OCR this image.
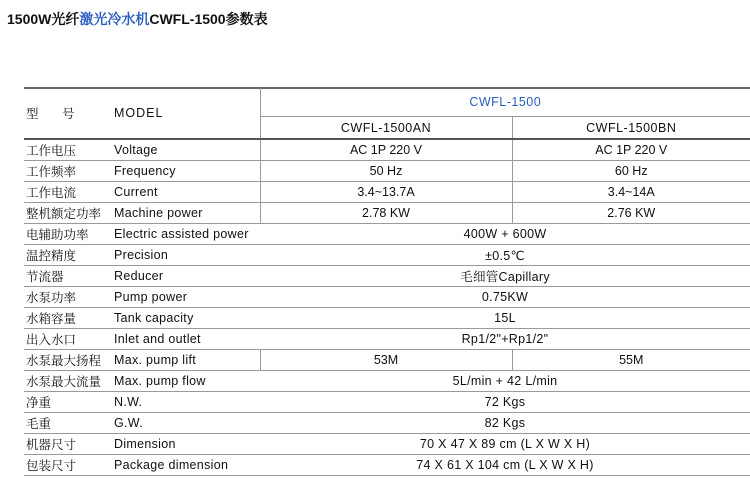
1500W光纤激光冷水机CWFL-1500参数表
型 号	MODEL	CWFL-1500	
		CWFL-1500AN	CWFL-1500BN
工作电压	Voltage	AC 1P 220 V	AC 1P 220 V
工作频率	Frequency	50 Hz	60 Hz
工作电流	Current	3.4~13.7A	3.4~14A
整机额定功率	Machine power	2.78 KW	2.76 KW
电辅助功率	Electric assisted power	400W + 600W	
温控精度	Precision	±0.5℃	
节流器	Reducer	毛细管Capillary	
水泵功率	Pump power	0.75KW	
水箱容量	Tank capacity	15L	
出入水口	Inlet and outlet	Rp1/2"+Rp1/2"	
水泵最大扬程	Max. pump lift	53M	55M
水泵最大流量	Max. pump flow	5L/min + 42 L/min	
净重	N.W.	72 Kgs	
毛重	G.W.	82 Kgs	
机器尺寸	Dimension	70 X 47 X 89 cm (L X W X H)	
包装尺寸	Package dimension	74 X 61 X 104 cm (L X W X H)	
